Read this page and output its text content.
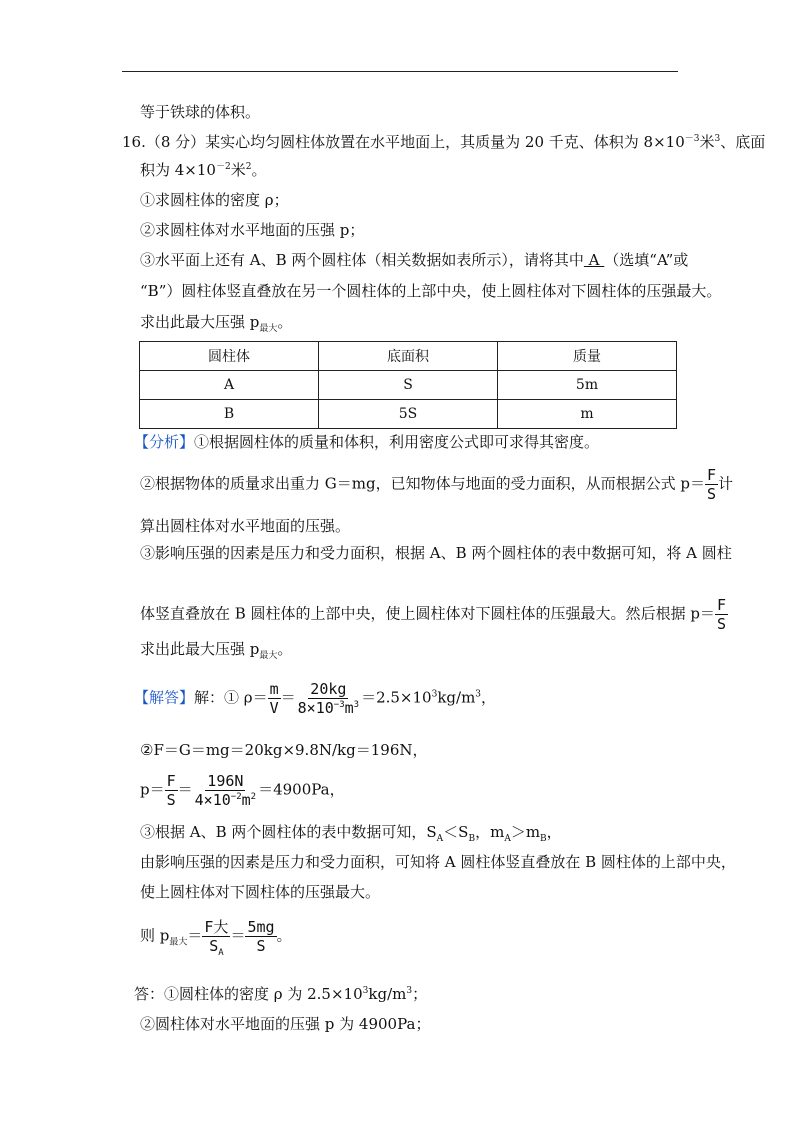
等于铁球的体积。
16.（8 分）某实心均匀圆柱体放置在水平地面上，其质量为 20 千克、体积为 $8\times 10^{-3}$米$^3$、底面
积为 $4\times 10^{-2}$米$^2$。
①求圆柱体的密度 ρ；
②求圆柱体对水平地面的压强 p；
③水平面上还有 A、B 两个圆柱体（相关数据如表所示），请将其中 A （选填“A”或
“B”）圆柱体竖直叠放在另一个圆柱体的上部中央，使上圆柱体对下圆柱体的压强最大。
求出此最大压强 $p_{最大}$。
圆柱体	底面积	质量
A	S	5m
B	5S	m
【分析】①根据圆柱体的质量和体积，利用密度公式即可求得其密度。
②根据物体的质量求出重力 G＝mg，已知物体与地面的受力面积，从而根据公式 $p= \frac{F}{S}$ 计
算出圆柱体对水平地面的压强。
③影响压强的因素是压力和受力面积，根据 A、B 两个圆柱体的表中数据可知，将 A 圆柱
体竖直叠放在 B 圆柱体的上部中央，使上圆柱体对下圆柱体的压强最大。然后根据 $p= \frac{F}{S}$
求出此最大压强 $p_{最大}$。
【解答】解：① $\rho= \frac{m}{V} = \frac{20kg}{8\times 10^{-3}m^3} =2.5\times 10^3kg/m^3$，
②F＝G＝mg＝20kg×9.8N/kg＝196N，
$p= \frac{F}{S} = \frac{196N}{4\times 10^{-2}m^2} =4900Pa$，
③根据 A、B 两个圆柱体的表中数据可知，$S_A<S_B$，$m_A>m_B$，
由影响压强的因素是压力和受力面积，可知将 A 圆柱体竖直叠放在 B 圆柱体的上部中央，
使上圆柱体对下圆柱体的压强最大。
则 $p_{最大}= \frac{\text{F大}}{S_A} = \frac{5mg}{S}$ 。
答：①圆柱体的密度 ρ 为 $2.5\times 10^3kg/m^3$；
②圆柱体对水平地面的压强 p 为 4900Pa；
